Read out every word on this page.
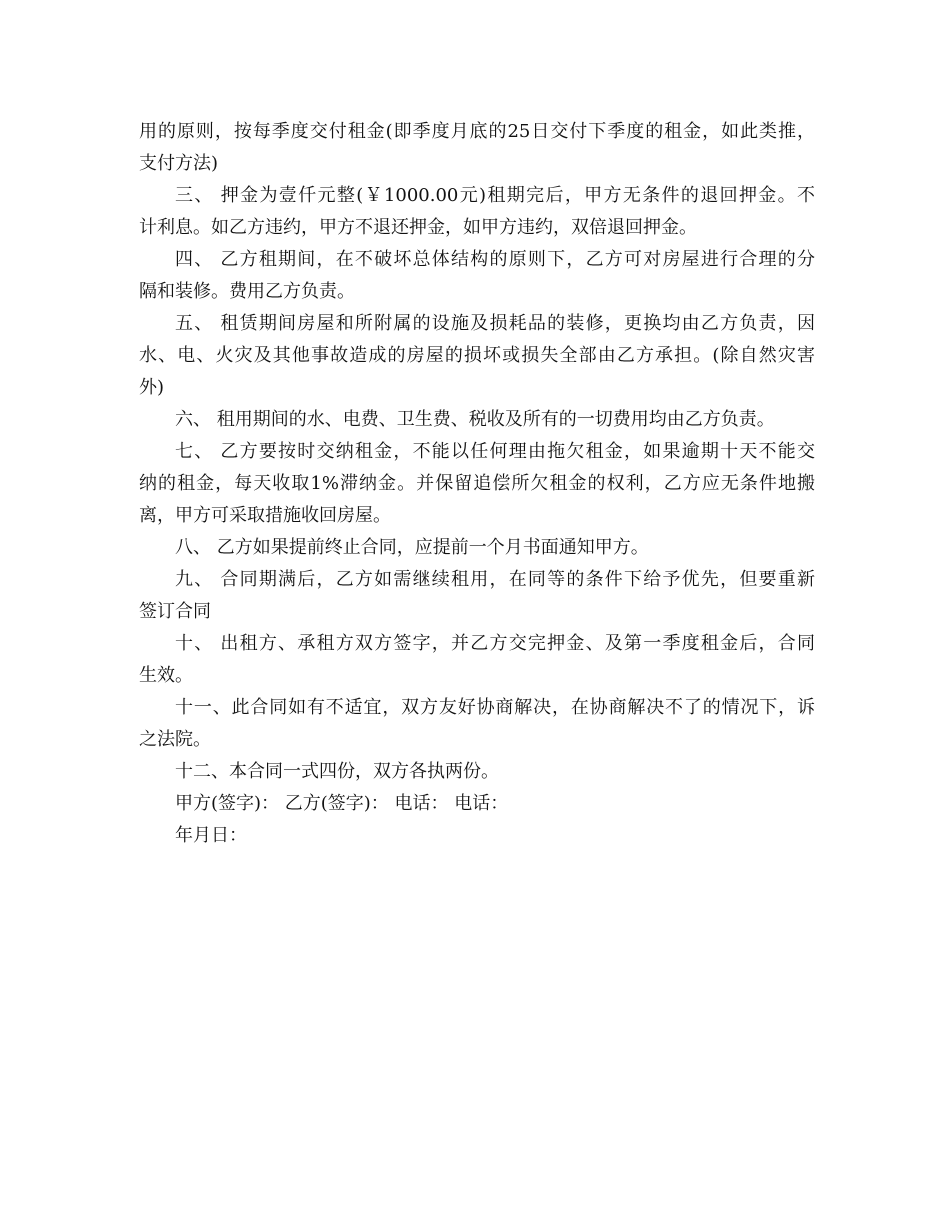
用的原则，按每季度交付租金(即季度月底的25日交付下季度的租金，如此类推，
支付方法)
三、 押金为壹仟元整(￥1000.00元)租期完后，甲方无条件的退回押金。不
计利息。如乙方违约，甲方不退还押金，如甲方违约，双倍退回押金。
四、 乙方租期间，在不破坏总体结构的原则下，乙方可对房屋进行合理的分
隔和装修。费用乙方负责。
五、 租赁期间房屋和所附属的设施及损耗品的装修，更换均由乙方负责，因
水、电、火灾及其他事故造成的房屋的损坏或损失全部由乙方承担。(除自然灾害
外)
六、 租用期间的水、电费、卫生费、税收及所有的一切费用均由乙方负责。
七、 乙方要按时交纳租金，不能以任何理由拖欠租金，如果逾期十天不能交
纳的租金，每天收取1%滞纳金。并保留追偿所欠租金的权利，乙方应无条件地搬
离，甲方可采取措施收回房屋。
八、 乙方如果提前终止合同，应提前一个月书面通知甲方。
九、 合同期满后，乙方如需继续租用，在同等的条件下给予优先，但要重新
签订合同
十、 出租方、承租方双方签字，并乙方交完押金、及第一季度租金后，合同
生效。
十一、此合同如有不适宜，双方友好协商解决，在协商解决不了的情况下，诉
之法院。
十二、本合同一式四份，双方各执两份。
甲方(签字)： 乙方(签字)： 电话： 电话：
年月日：
